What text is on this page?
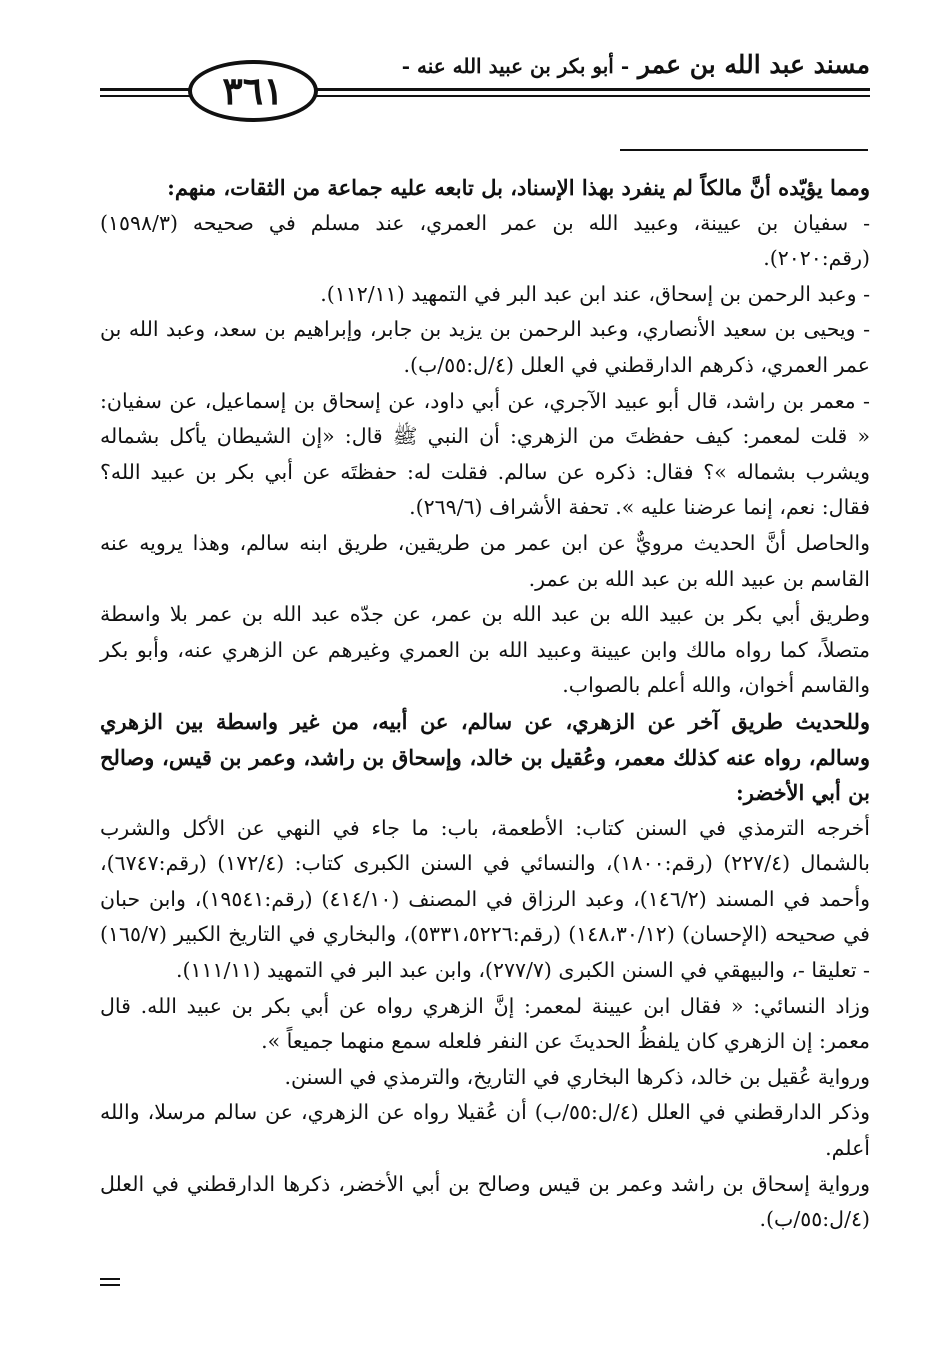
مسند عبد الله بن عمر - أبو بكر بن عبيد الله عنه -
٣٦١

ومما يؤيّده أنَّ مالكاً لم ينفرد بهذا الإسناد، بل تابعه عليه جماعة من الثقات، منهم:

- سفيان بن عيينة، وعبيد الله بن عمر العمري، عند مسلم في صحيحه (١٥٩٨/٣) (رقم:٢٠٢٠).

- وعبد الرحمن بن إسحاق، عند ابن عبد البر في التمهيد (١١٢/١١).

- ويحيى بن سعيد الأنصاري، وعبد الرحمن بن يزيد بن جابر، وإبراهيم بن سعد، وعبد الله بن عمر العمري، ذكرهم الدارقطني في العلل (٤/ل:٥٥/ب).

- معمر بن راشد، قال أبو عبيد الآجري، عن أبي داود، عن إسحاق بن إسماعيل، عن سفيان: « قلت لمعمر: كيف حفظتَ من الزهري: أن النبي ﷺ قال: «إن الشيطان يأكل بشماله ويشرب بشماله »؟ فقال: ذكره عن سالم. فقلت له: حفظتَه عن أبي بكر بن عبيد الله؟ فقال: نعم، إنما عرضنا عليه ». تحفة الأشراف (٢٦٩/٦).

والحاصل أنَّ الحديث مرويٌّ عن ابن عمر من طريقين، طريق ابنه سالم، وهذا يرويه عنه القاسم بن عبيد الله بن عبد الله بن عمر.

وطريق أبي بكر بن عبيد الله بن عبد الله بن عمر، عن جدّه عبد الله بن عمر بلا واسطة متصلاً، كما رواه مالك وابن عيينة وعبيد الله بن العمري وغيرهم عن الزهري عنه، وأبو بكر والقاسم أخوان، والله أعلم بالصواب.

وللحديث طريق آخر عن الزهري، عن سالم، عن أبيه، من غير واسطة بين الزهري وسالم، رواه عنه كذلك معمر، وعُقيل بن خالد، وإسحاق بن راشد، وعمر بن قيس، وصالح بن أبي الأخضر:

أخرجه الترمذي في السنن كتاب: الأطعمة، باب: ما جاء في النهي عن الأكل والشرب بالشمال (٢٢٧/٤) (رقم:١٨٠٠)، والنسائي في السنن الكبرى كتاب: (١٧٢/٤) (رقم:٦٧٤٧)، وأحمد في المسند (١٤٦/٢)، وعبد الرزاق في المصنف (٤١٤/١٠) (رقم:١٩٥٤١)، وابن حبان في صحيحه (الإحسان) (١٤٨،٣٠/١٢) (رقم:٥٣٣١،٥٢٢٦)، والبخاري في التاريخ الكبير (١٦٥/٧) - تعليقا -، والبيهقي في السنن الكبرى (٢٧٧/٧)، وابن عبد البر في التمهيد (١١١/١١).

وزاد النسائي: « فقال ابن عيينة لمعمر: إنَّ الزهري رواه عن أبي بكر بن عبيد الله. قال معمر: إن الزهري كان يلفظُ الحديثَ عن النفر فلعله سمع منهما جميعاً ».

ورواية عُقيل بن خالد، ذكرها البخاري في التاريخ، والترمذي في السنن.

وذكر الدارقطني في العلل (٤/ل:٥٥/ب) أن عُقيلا رواه عن الزهري، عن سالم مرسلا، والله أعلم.

ورواية إسحاق بن راشد وعمر بن قيس وصالح بن أبي الأخضر، ذكرها الدارقطني في العلل (٤/ل:٥٥/ب).
